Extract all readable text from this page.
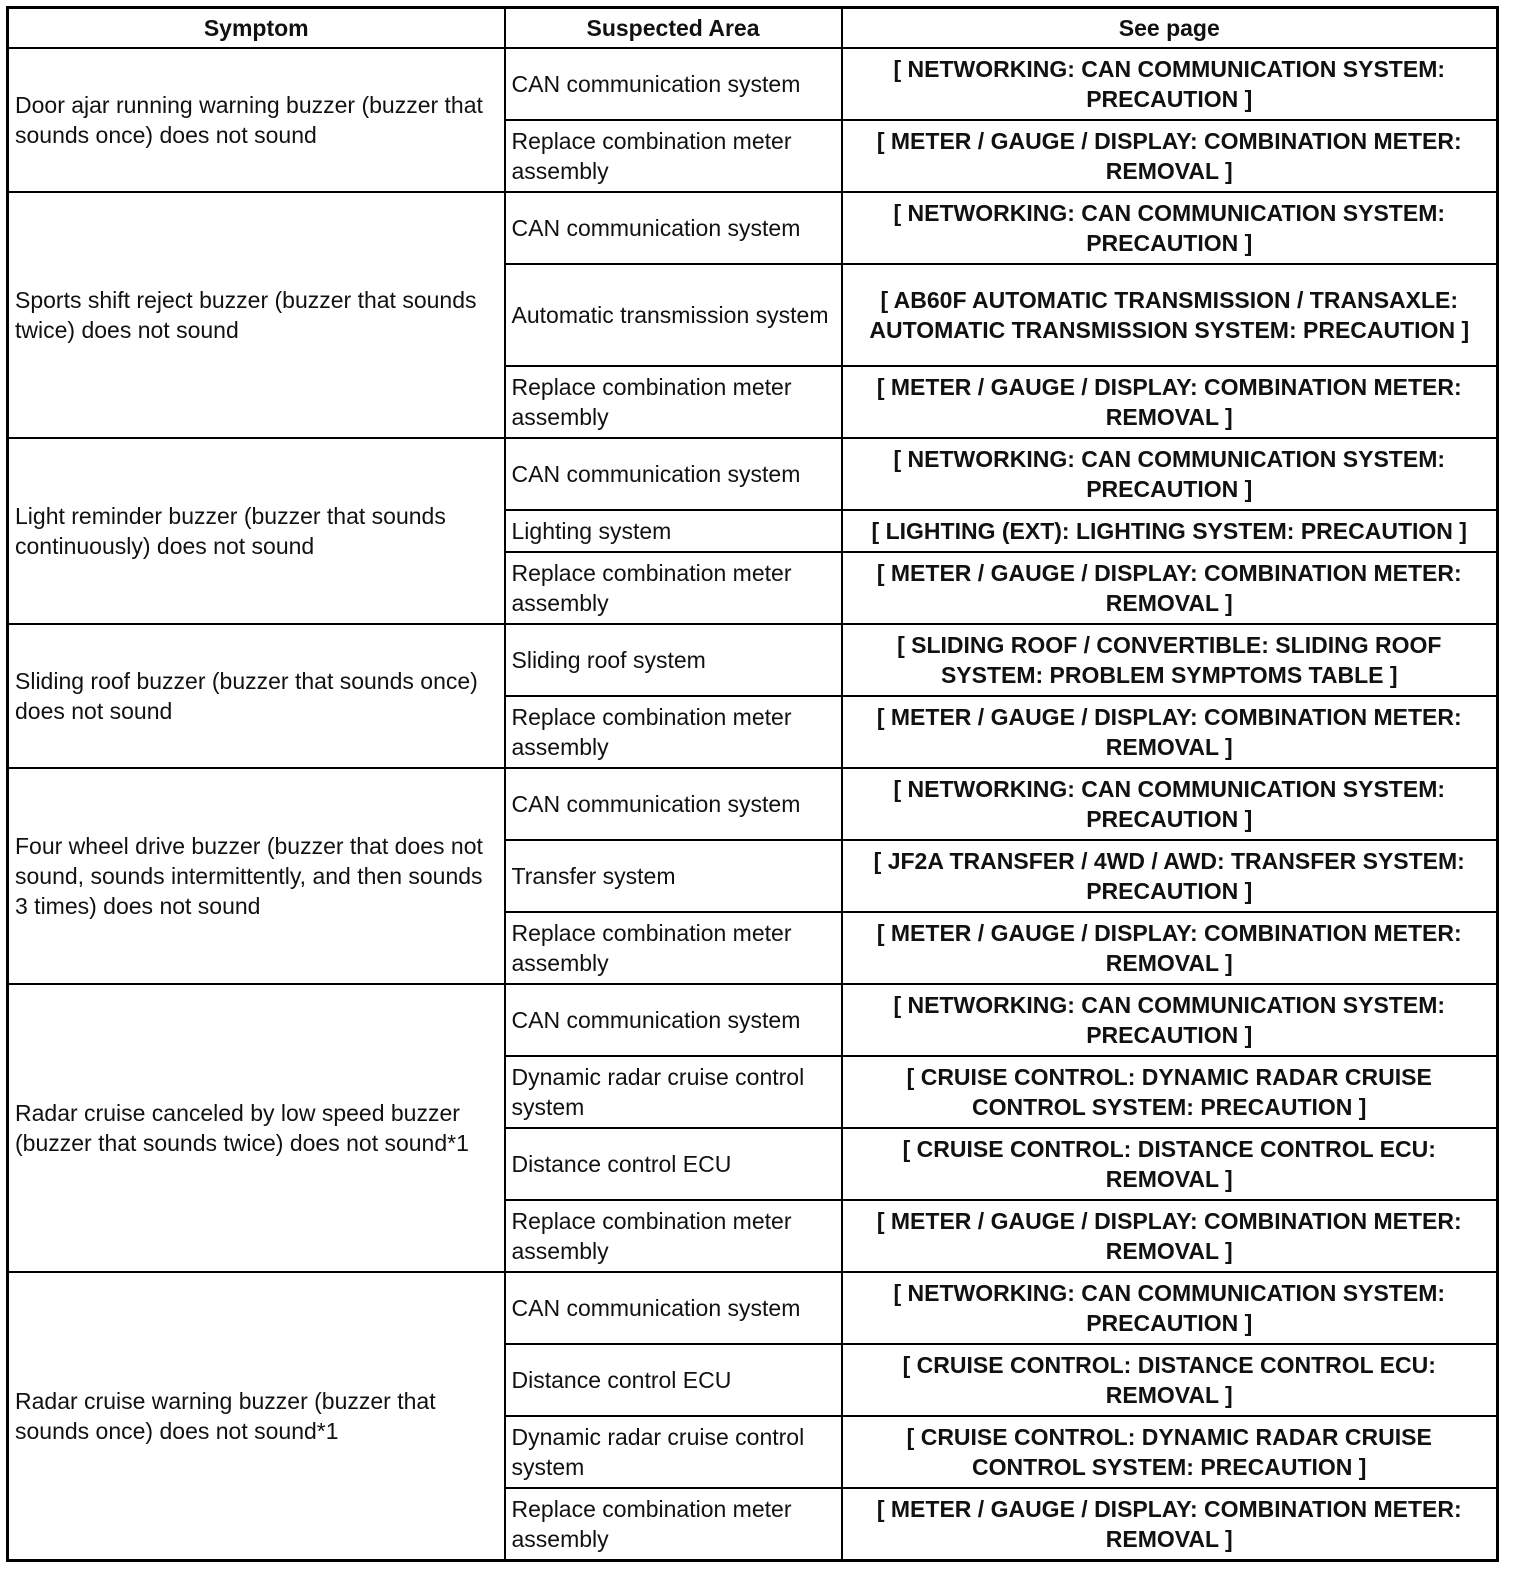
Symptom	Suspected Area	See page
Door ajar running warning buzzer (buzzer that sounds once) does not sound	CAN communication system	[ NETWORKING: CAN COMMUNICATION SYSTEM: PRECAUTION ]
	Replace combination meter assembly	[ METER / GAUGE / DISPLAY: COMBINATION METER: REMOVAL ]
Sports shift reject buzzer (buzzer that sounds twice) does not sound	CAN communication system	[ NETWORKING: CAN COMMUNICATION SYSTEM: PRECAUTION ]
	Automatic transmission system	[ AB60F AUTOMATIC TRANSMISSION / TRANSAXLE: AUTOMATIC TRANSMISSION SYSTEM: PRECAUTION ]
	Replace combination meter assembly	[ METER / GAUGE / DISPLAY: COMBINATION METER: REMOVAL ]
Light reminder buzzer (buzzer that sounds continuously) does not sound	CAN communication system	[ NETWORKING: CAN COMMUNICATION SYSTEM: PRECAUTION ]
	Lighting system	[ LIGHTING (EXT): LIGHTING SYSTEM: PRECAUTION ]
	Replace combination meter assembly	[ METER / GAUGE / DISPLAY: COMBINATION METER: REMOVAL ]
Sliding roof buzzer (buzzer that sounds once) does not sound	Sliding roof system	[ SLIDING ROOF / CONVERTIBLE: SLIDING ROOF SYSTEM: PROBLEM SYMPTOMS TABLE ]
	Replace combination meter assembly	[ METER / GAUGE / DISPLAY: COMBINATION METER: REMOVAL ]
Four wheel drive buzzer (buzzer that does not sound, sounds intermittently, and then sounds 3 times) does not sound	CAN communication system	[ NETWORKING: CAN COMMUNICATION SYSTEM: PRECAUTION ]
	Transfer system	[ JF2A TRANSFER / 4WD / AWD: TRANSFER SYSTEM: PRECAUTION ]
	Replace combination meter assembly	[ METER / GAUGE / DISPLAY: COMBINATION METER: REMOVAL ]
Radar cruise canceled by low speed buzzer (buzzer that sounds twice) does not sound*1	CAN communication system	[ NETWORKING: CAN COMMUNICATION SYSTEM: PRECAUTION ]
	Dynamic radar cruise control system	[ CRUISE CONTROL: DYNAMIC RADAR CRUISE CONTROL SYSTEM: PRECAUTION ]
	Distance control ECU	[ CRUISE CONTROL: DISTANCE CONTROL ECU: REMOVAL ]
	Replace combination meter assembly	[ METER / GAUGE / DISPLAY: COMBINATION METER: REMOVAL ]
Radar cruise warning buzzer (buzzer that sounds once) does not sound*1	CAN communication system	[ NETWORKING: CAN COMMUNICATION SYSTEM: PRECAUTION ]
	Distance control ECU	[ CRUISE CONTROL: DISTANCE CONTROL ECU: REMOVAL ]
	Dynamic radar cruise control system	[ CRUISE CONTROL: DYNAMIC RADAR CRUISE CONTROL SYSTEM: PRECAUTION ]
	Replace combination meter assembly	[ METER / GAUGE / DISPLAY: COMBINATION METER: REMOVAL ]
